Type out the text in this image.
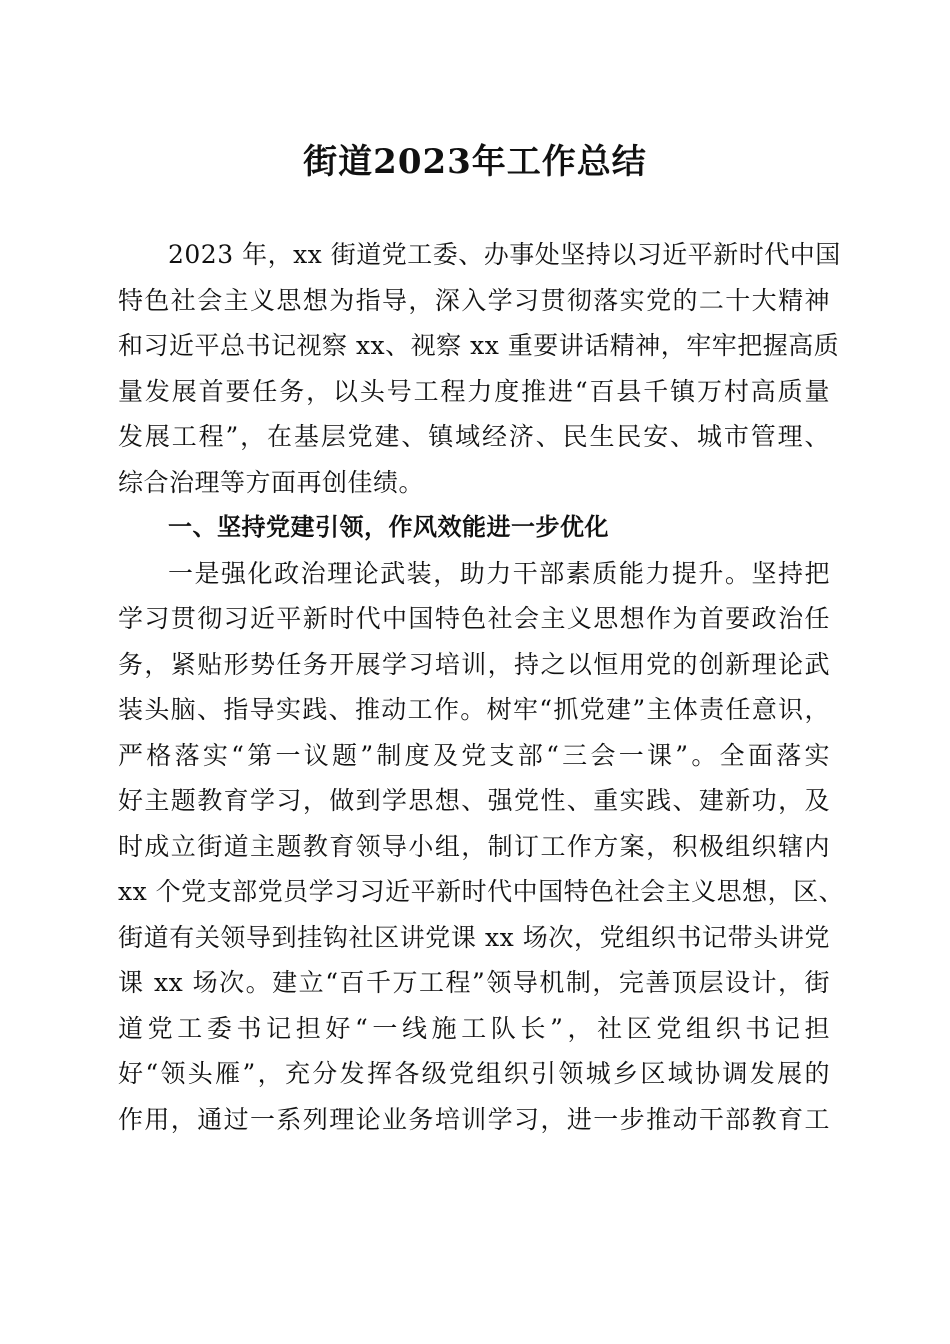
街道2023年工作总结
2023 年，xx 街道党工委、办事处坚持以习近平新时代中国
特色社会主义思想为指导，深入学习贯彻落实党的二十大精神
和习近平总书记视察 xx、视察 xx 重要讲话精神，牢牢把握高质
量发展首要任务，以头号工程力度推进“百县千镇万村高质量
发展工程”，在基层党建、镇域经济、民生民安、城市管理、
综合治理等方面再创佳绩。
一、坚持党建引领，作风效能进一步优化
一是强化政治理论武装，助力干部素质能力提升。坚持把
学习贯彻习近平新时代中国特色社会主义思想作为首要政治任
务，紧贴形势任务开展学习培训，持之以恒用党的创新理论武
装头脑、指导实践、推动工作。树牢“抓党建”主体责任意识，
严格落实“第一议题”制度及党支部“三会一课”。全面落实
好主题教育学习，做到学思想、强党性、重实践、建新功，及
时成立街道主题教育领导小组，制订工作方案，积极组织辖内
xx 个党支部党员学习习近平新时代中国特色社会主义思想，区、
街道有关领导到挂钩社区讲党课 xx 场次，党组织书记带头讲党
课 xx 场次。建立“百千万工程”领导机制，完善顶层设计，街
道党工委书记担好“一线施工队长”，社区党组织书记担
好“领头雁”，充分发挥各级党组织引领城乡区域协调发展的
作用，通过一系列理论业务培训学习，进一步推动干部教育工
